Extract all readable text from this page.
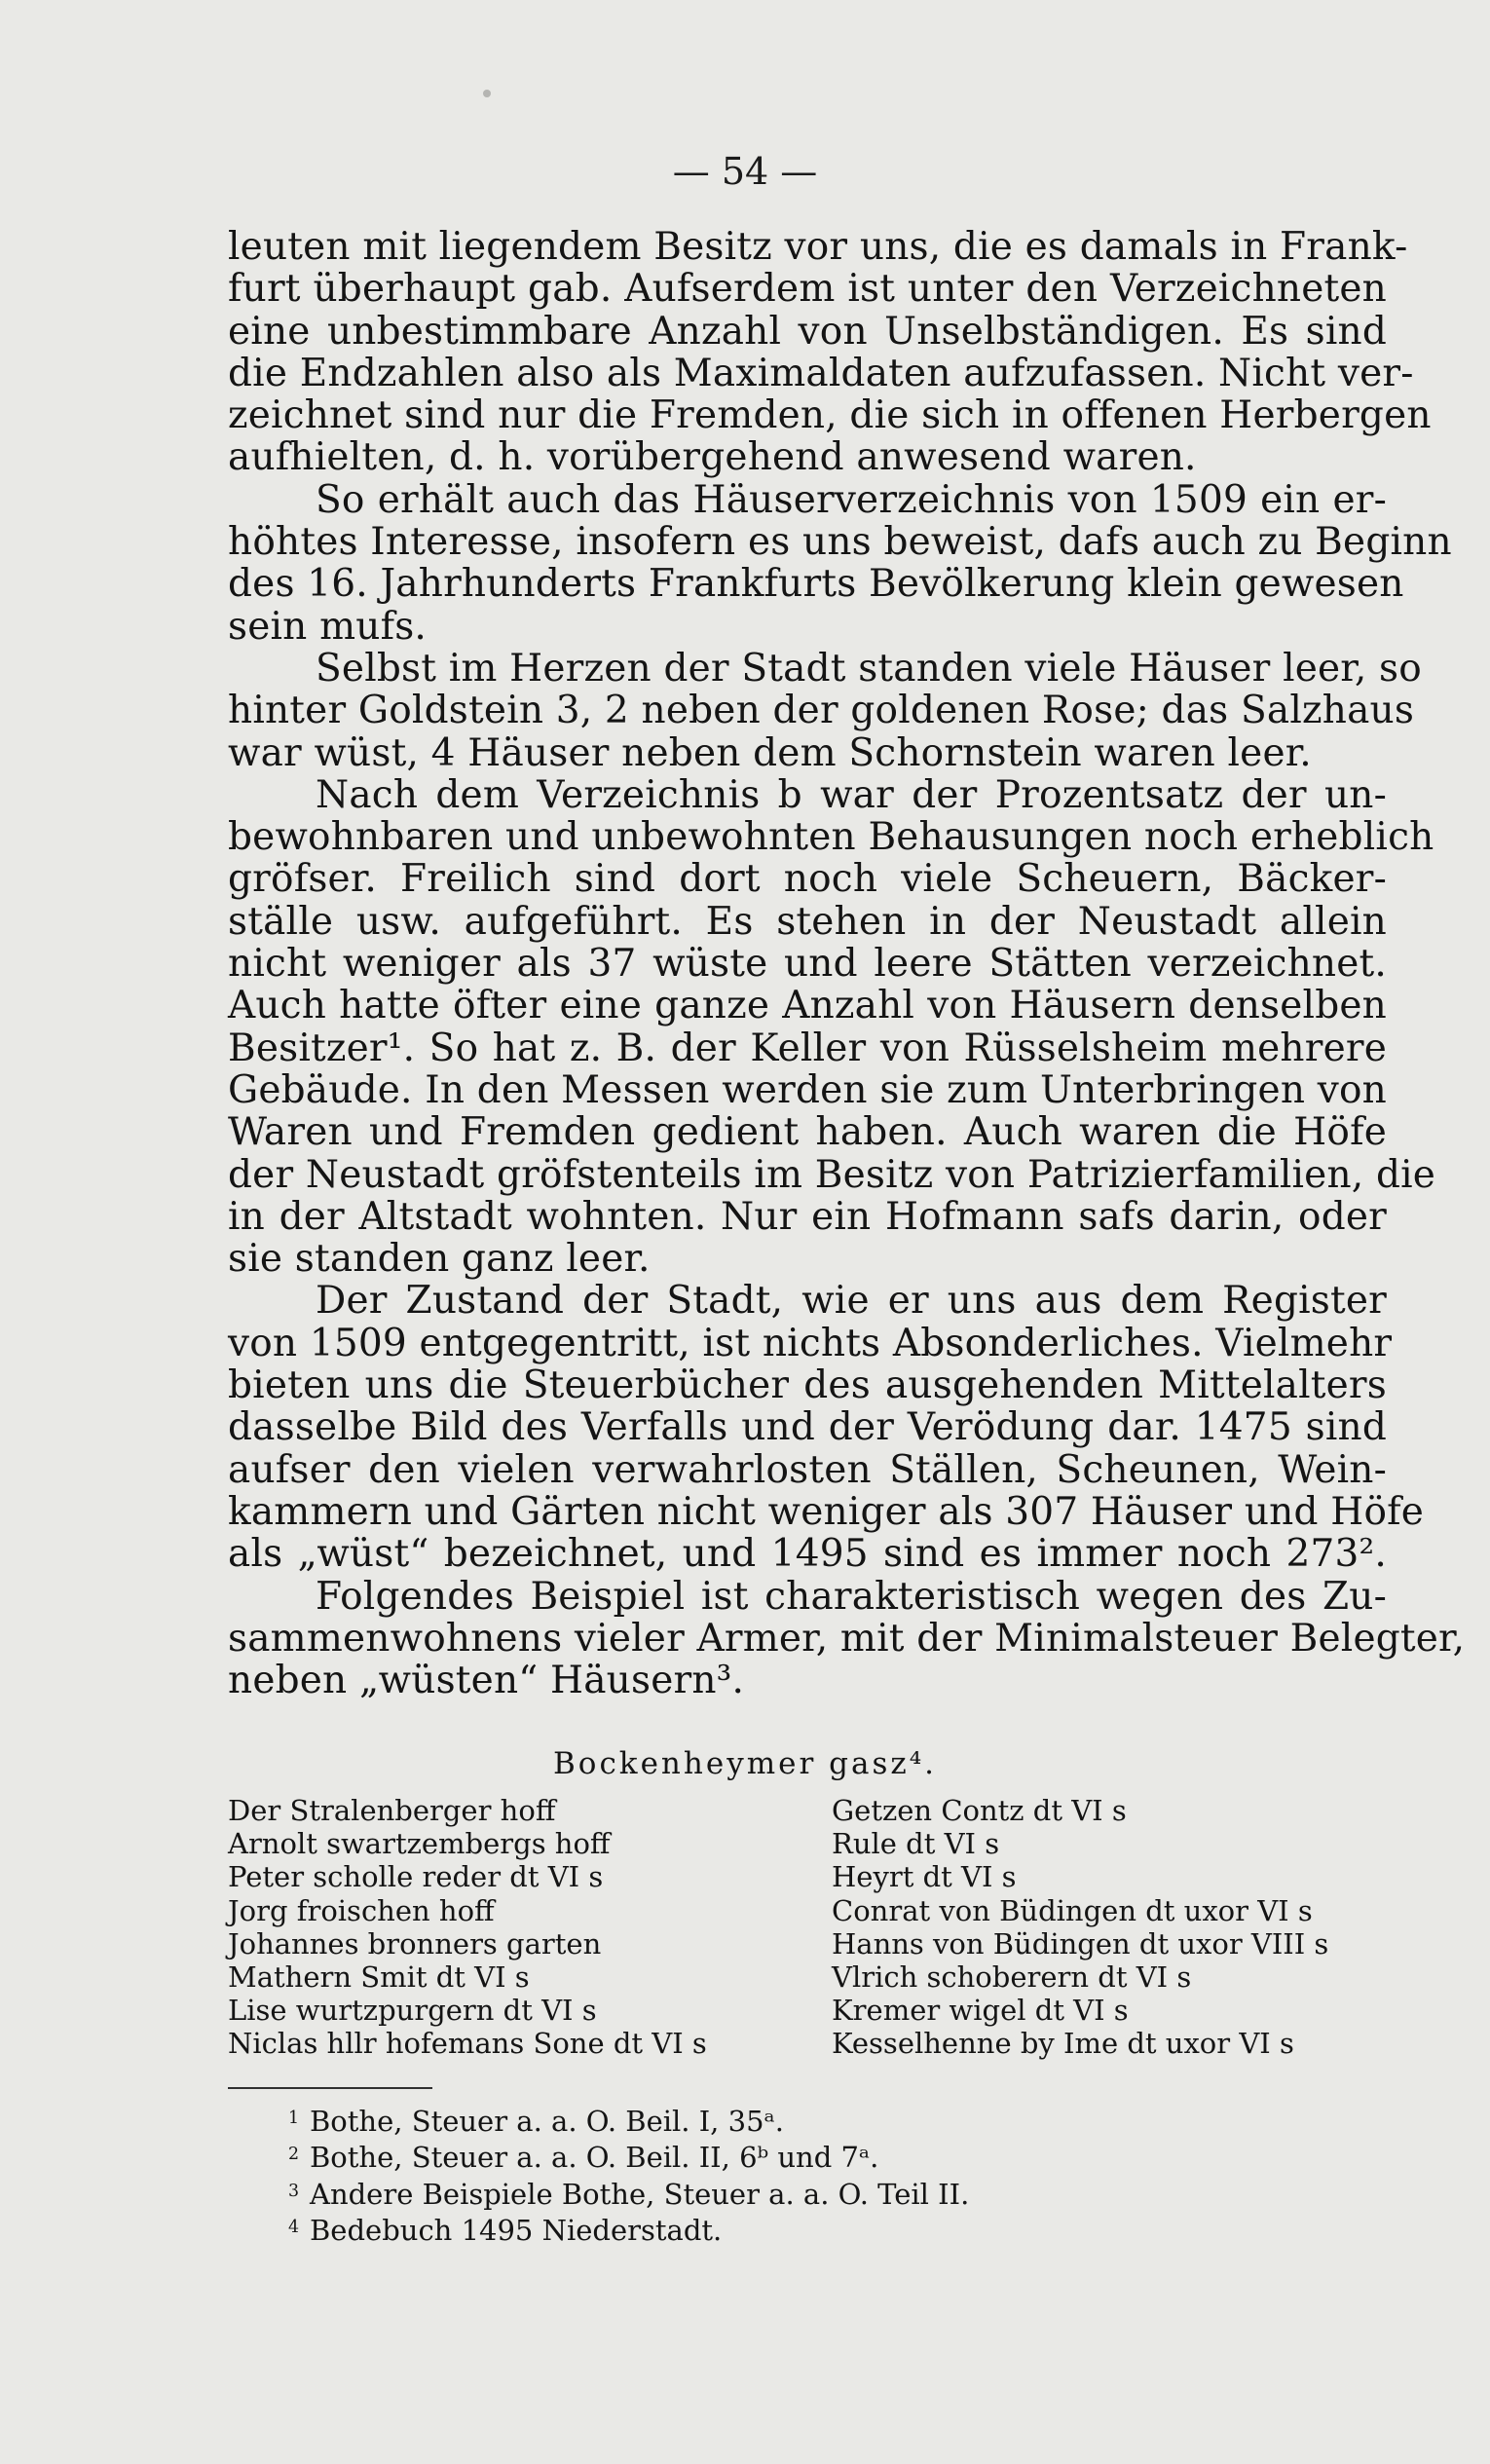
— 54 —

leuten mit liegendem Besitz vor uns, die es damals in Frank-

furt überhaupt gab. Aufserdem ist unter den Verzeichneten

eine unbestimmbare Anzahl von Unselbständigen. Es sind

die Endzahlen also als Maximaldaten aufzufassen. Nicht ver-

zeichnet sind nur die Fremden, die sich in offenen Herbergen

aufhielten, d. h. vorübergehend anwesend waren.

So erhält auch das Häuserverzeichnis von 1509 ein er-

höhtes Interesse, insofern es uns beweist, dafs auch zu Beginn

des 16. Jahrhunderts Frankfurts Bevölkerung klein gewesen

sein mufs.

Selbst im Herzen der Stadt standen viele Häuser leer, so

hinter Goldstein 3, 2 neben der goldenen Rose; das Salzhaus

war wüst, 4 Häuser neben dem Schornstein waren leer.

Nach dem Verzeichnis b war der Prozentsatz der un-

bewohnbaren und unbewohnten Behausungen noch erheblich

gröfser. Freilich sind dort noch viele Scheuern, Bäcker-

ställe usw. aufgeführt. Es stehen in der Neustadt allein

nicht weniger als 37 wüste und leere Stätten verzeichnet.

Auch hatte öfter eine ganze Anzahl von Häusern denselben

Besitzer¹. So hat z. B. der Keller von Rüsselsheim mehrere

Gebäude. In den Messen werden sie zum Unterbringen von

Waren und Fremden gedient haben. Auch waren die Höfe

der Neustadt gröfstenteils im Besitz von Patrizierfamilien, die

in der Altstadt wohnten. Nur ein Hofmann safs darin, oder

sie standen ganz leer.

Der Zustand der Stadt, wie er uns aus dem Register

von 1509 entgegentritt, ist nichts Absonderliches. Vielmehr

bieten uns die Steuerbücher des ausgehenden Mittelalters

dasselbe Bild des Verfalls und der Verödung dar. 1475 sind

aufser den vielen verwahrlosten Ställen, Scheunen, Wein-

kammern und Gärten nicht weniger als 307 Häuser und Höfe

als „wüst“ bezeichnet, und 1495 sind es immer noch 273².

Folgendes Beispiel ist charakteristisch wegen des Zu-

sammenwohnens vieler Armer, mit der Minimalsteuer Belegter,

neben „wüsten“ Häusern³.

Bockenheymer gasz⁴.
Der Stralenberger hoff	Getzen Contz dt VI s
Arnolt swartzembergs hoff	Rule dt VI s
Peter scholle reder dt VI s	Heyrt dt VI s
Jorg froischen hoff	Conrat von Büdingen dt uxor VI s
Johannes bronners garten	Hanns von Büdingen dt uxor VIII s
Mathern Smit dt VI s	Vlrich schoberern dt VI s
Lise wurtzpurgern dt VI s	Kremer wigel dt VI s
Niclas hllr hofemans Sone dt VI s	Kesselhenne by Ime dt uxor VI s
1 Bothe, Steuer a. a. O. Beil. I, 35ᵃ.
2 Bothe, Steuer a. a. O. Beil. II, 6ᵇ und 7ᵃ.
3 Andere Beispiele Bothe, Steuer a. a. O. Teil II.
4 Bedebuch 1495 Niederstadt.
